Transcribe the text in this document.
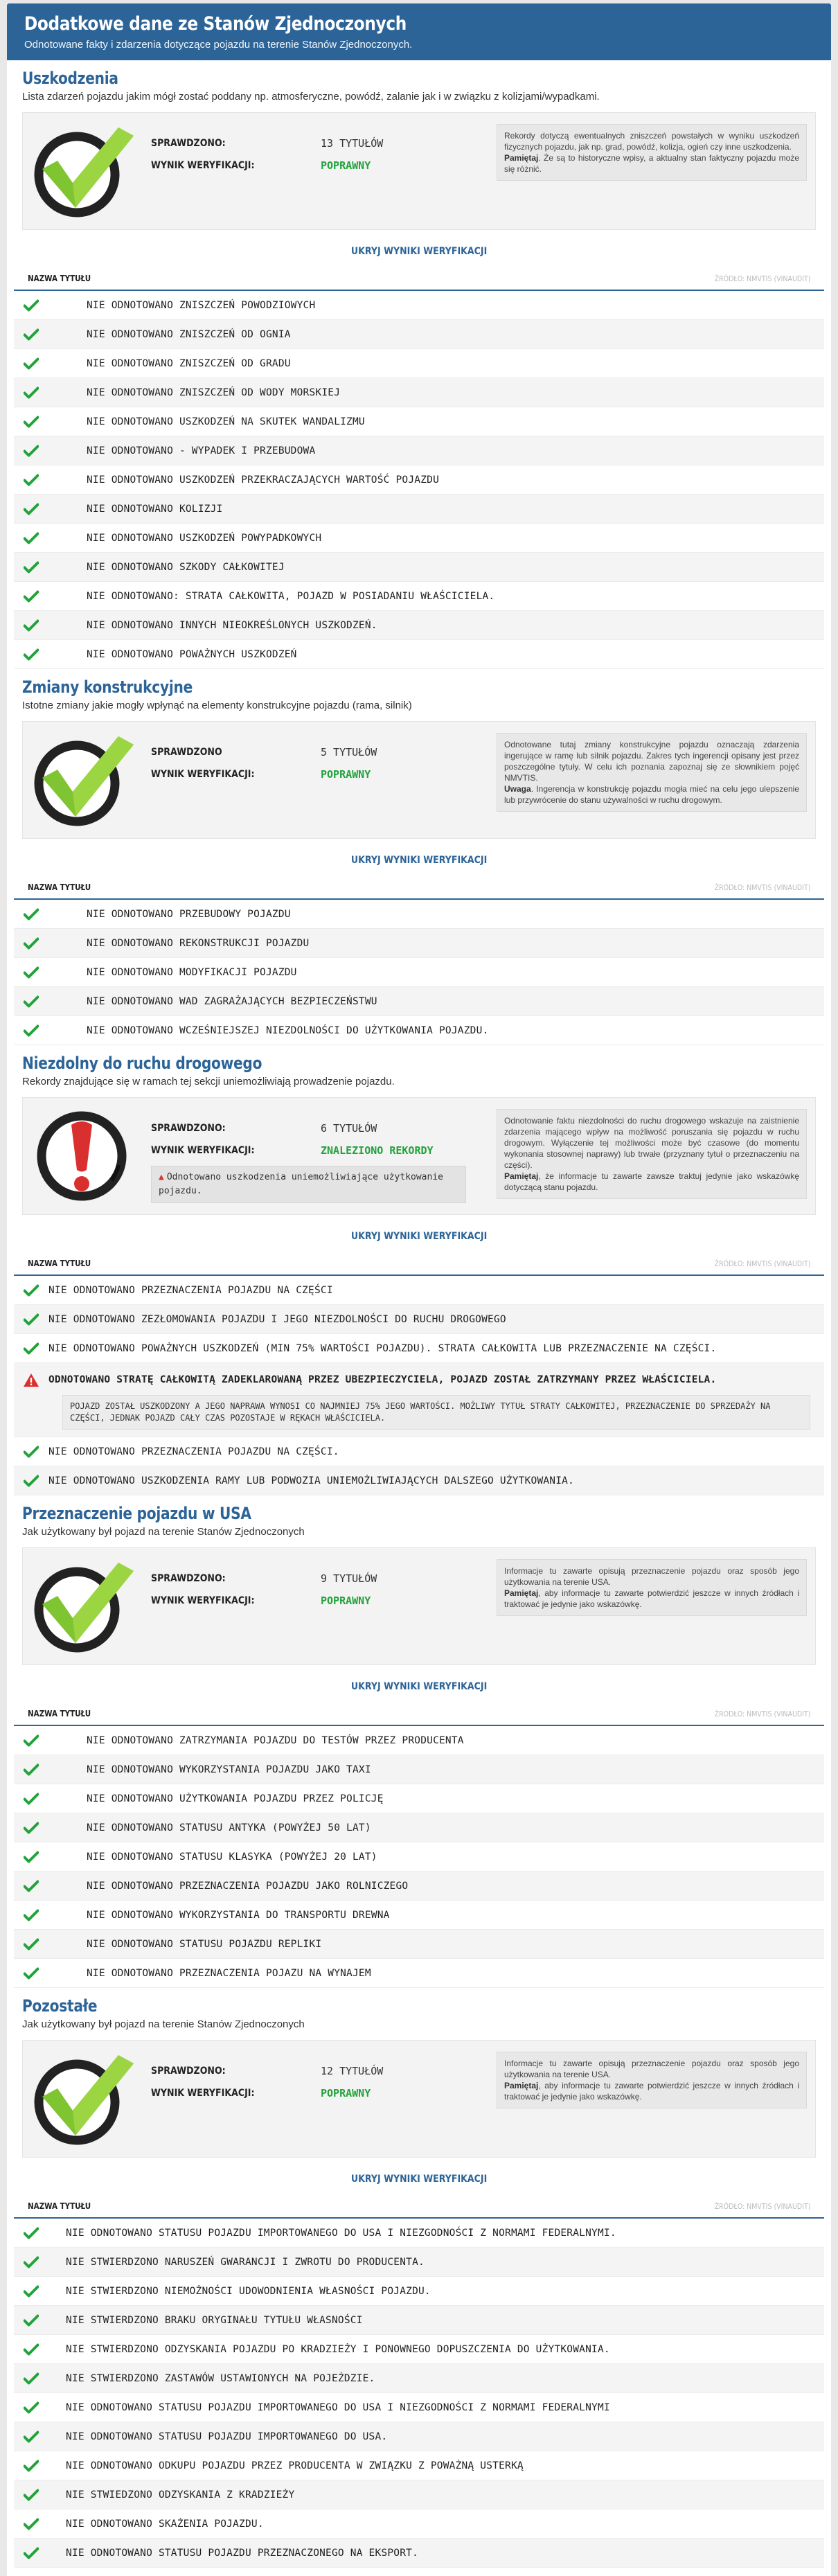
Dodatkowe dane ze Stanów Zjednoczonych

Odnotowane fakty i zdarzenia dotyczące pojazdu na terenie Stanów Zjednoczonych.

Uszkodzenia

Lista zdarzeń pojazdu jakim mógł zostać poddany np. atmosferyczne, powódź, zalanie jak i w związku z kolizjami/wypadkami.

SPRAWDZONO:	13 TYTUŁÓW
WYNIK WERYFIKACJI:	POPRAWNY
Rekordy dotyczą ewentualnych zniszczeń powstałych w wyniku uszkodzeń fizycznych pojazdu, jak np. grad, powódź, kolizja, ogień czy inne uszkodzenia.
Pamiętaj. Że są to historyczne wpisy, a aktualny stan faktyczny pojazdu może się różnić.
UKRYJ WYNIKI WERYFIKACJI
NAZWA TYTUŁU	ŹRÓDŁO: NMVTIS (VINAUDIT)
NIE ODNOTOWANO ZNISZCZEŃ POWODZIOWYCH
NIE ODNOTOWANO ZNISZCZEŃ OD OGNIA
NIE ODNOTOWANO ZNISZCZEŃ OD GRADU
NIE ODNOTOWANO ZNISZCZEŃ OD WODY MORSKIEJ
NIE ODNOTOWANO USZKODZEŃ NA SKUTEK WANDALIZMU
NIE ODNOTOWANO - WYPADEK I PRZEBUDOWA
NIE ODNOTOWANO USZKODZEŃ PRZEKRACZAJĄCYCH WARTOŚĆ POJAZDU
NIE ODNOTOWANO KOLIZJI
NIE ODNOTOWANO USZKODZEŃ POWYPADKOWYCH
NIE ODNOTOWANO SZKODY CAŁKOWITEJ
NIE ODNOTOWANO: STRATA CAŁKOWITA, POJAZD W POSIADANIU WŁAŚCICIELA.
NIE ODNOTOWANO INNYCH NIEOKREŚLONYCH USZKODZEŃ.
NIE ODNOTOWANO POWAŻNYCH USZKODZEŃ
Zmiany konstrukcyjne

Istotne zmiany jakie mogły wpłynąć na elementy konstrukcyjne pojazdu (rama, silnik)

SPRAWDZONO	5 TYTUŁÓW
WYNIK WERYFIKACJI:	POPRAWNY
Odnotowane tutaj zmiany konstrukcyjne pojazdu oznaczają zdarzenia ingerujące w ramę lub silnik pojazdu. Zakres tych ingerencji opisany jest przez poszczególne tytuły. W celu ich poznania zapoznaj się ze słownikiem pojęć NMVTIS.
Uwaga. Ingerencja w konstrukcję pojazdu mogła mieć na celu jego ulepszenie lub przywrócenie do stanu używalności w ruchu drogowym.
UKRYJ WYNIKI WERYFIKACJI
NAZWA TYTUŁU	ŹRÓDŁO: NMVTIS (VINAUDIT)
NIE ODNOTOWANO PRZEBUDOWY POJAZDU
NIE ODNOTOWANO REKONSTRUKCJI POJAZDU
NIE ODNOTOWANO MODYFIKACJI POJAZDU
NIE ODNOTOWANO WAD ZAGRAŻAJĄCYCH BEZPIECZEŃSTWU
NIE ODNOTOWANO WCZEŚNIEJSZEJ NIEZDOLNOŚCI DO UŻYTKOWANIA POJAZDU.
Niezdolny do ruchu drogowego

Rekordy znajdujące się w ramach tej sekcji uniemożliwiają prowadzenie pojazdu.

SPRAWDZONO:	6 TYTUŁÓW
WYNIK WERYFIKACJI:	ZNALEZIONO REKORDY
▲ Odnotowano uszkodzenia uniemożliwiające użytkowanie pojazdu.
Odnotowanie faktu niezdolności do ruchu drogowego wskazuje na zaistnienie zdarzenia mającego wpływ na możliwość poruszania się pojazdu w ruchu drogowym. Wyłączenie tej możliwości może być czasowe (do momentu wykonania stosownej naprawy) lub trwałe (przyznany tytuł o przeznaczeniu na części).
Pamiętaj, że informacje tu zawarte zawsze traktuj jedynie jako wskazówkę dotyczącą stanu pojazdu.
UKRYJ WYNIKI WERYFIKACJI
NAZWA TYTUŁU	ŹRÓDŁO: NMVTIS (VINAUDIT)
NIE ODNOTOWANO PRZEZNACZENIA POJAZDU NA CZĘŚCI
NIE ODNOTOWANO ZEZŁOMOWANIA POJAZDU I JEGO NIEZDOLNOŚCI DO RUCHU DROGOWEGO
NIE ODNOTOWANO POWAŻNYCH USZKODZEŃ (MIN 75% WARTOŚCI POJAZDU). STRATA CAŁKOWITA LUB PRZEZNACZENIE NA CZĘŚCI.
ODNOTOWANO STRATĘ CAŁKOWITĄ ZADEKLAROWANĄ PRZEZ UBEZPIECZYCIELA, POJAZD ZOSTAŁ ZATRZYMANY PRZEZ WŁAŚCICIELA.
POJAZD ZOSTAŁ USZKODZONY A JEGO NAPRAWA WYNOSI CO NAJMNIEJ 75% JEGO WARTOŚCI. MOŻLIWY TYTUŁ STRATY CAŁKOWITEJ, PRZEZNACZENIE DO SPRZEDAŻY NA CZĘŚCI, JEDNAK POJAZD CAŁY CZAS POZOSTAJE W RĘKACH WŁAŚCICIELA.
NIE ODNOTOWANO PRZEZNACZENIA POJAZDU NA CZĘŚCI.
NIE ODNOTOWANO USZKODZENIA RAMY LUB PODWOZIA UNIEMOŻLIWIAJĄCYCH DALSZEGO UŻYTKOWANIA.
Przeznaczenie pojazdu w USA

Jak użytkowany był pojazd na terenie Stanów Zjednoczonych

SPRAWDZONO:	9 TYTUŁÓW
WYNIK WERYFIKACJI:	POPRAWNY
Informacje tu zawarte opisują przeznaczenie pojazdu oraz sposób jego użytkowania na terenie USA.
Pamiętaj, aby informacje tu zawarte potwierdzić jeszcze w innych źródłach i traktować je jedynie jako wskazówkę.
UKRYJ WYNIKI WERYFIKACJI
NAZWA TYTUŁU	ŹRÓDŁO: NMVTIS (VINAUDIT)
NIE ODNOTOWANO ZATRZYMANIA POJAZDU DO TESTÓW PRZEZ PRODUCENTA
NIE ODNOTOWANO WYKORZYSTANIA POJAZDU JAKO TAXI
NIE ODNOTOWANO UŻYTKOWANIA POJAZDU PRZEZ POLICJĘ
NIE ODNOTOWANO STATUSU ANTYKA (POWYŻEJ 50 LAT)
NIE ODNOTOWANO STATUSU KLASYKA (POWYŻEJ 20 LAT)
NIE ODNOTOWANO PRZEZNACZENIA POJAZDU JAKO ROLNICZEGO
NIE ODNOTOWANO WYKORZYSTANIA DO TRANSPORTU DREWNA
NIE ODNOTOWANO STATUSU POJAZDU REPLIKI
NIE ODNOTOWANO PRZEZNACZENIA POJAZU NA WYNAJEM
Pozostałe

Jak użytkowany był pojazd na terenie Stanów Zjednoczonych

SPRAWDZONO:	12 TYTUŁÓW
WYNIK WERYFIKACJI:	POPRAWNY
Informacje tu zawarte opisują przeznaczenie pojazdu oraz sposób jego użytkowania na terenie USA.
Pamiętaj, aby informacje tu zawarte potwierdzić jeszcze w innych źródłach i traktować je jedynie jako wskazówkę.
UKRYJ WYNIKI WERYFIKACJI
NAZWA TYTUŁU	ŹRÓDŁO: NMVTIS (VINAUDIT)
NIE ODNOTOWANO STATUSU POJAZDU IMPORTOWANEGO DO USA I NIEZGODNOŚCI Z NORMAMI FEDERALNYMI.
NIE STWIERDZONO NARUSZEŃ GWARANCJI I ZWROTU DO PRODUCENTA.
NIE STWIERDZONO NIEMOŻNOŚCI UDOWODNIENIA WŁASNOŚCI POJAZDU.
NIE STWIERDZONO BRAKU ORYGINAŁU TYTUŁU WŁASNOŚCI
NIE STWIERDZONO ODZYSKANIA POJAZDU PO KRADZIEŻY I PONOWNEGO DOPUSZCZENIA DO UŻYTKOWANIA.
NIE STWIERDZONO ZASTAWÓW USTAWIONYCH NA POJEŹDZIE.
NIE ODNOTOWANO STATUSU POJAZDU IMPORTOWANEGO DO USA I NIEZGODNOŚCI Z NORMAMI FEDERALNYMI
NIE ODNOTOWANO STATUSU POJAZDU IMPORTOWANEGO DO USA.
NIE ODNOTOWANO ODKUPU POJAZDU PRZEZ PRODUCENTA W ZWIĄZKU Z POWAŻNĄ USTERKĄ
NIE STWIEDZONO ODZYSKANIA Z KRADZIEŻY
NIE ODNOTOWANO SKAŻENIA POJAZDU.
NIE ODNOTOWANO STATUSU POJAZDU PRZEZNACZONEGO NA EKSPORT.
